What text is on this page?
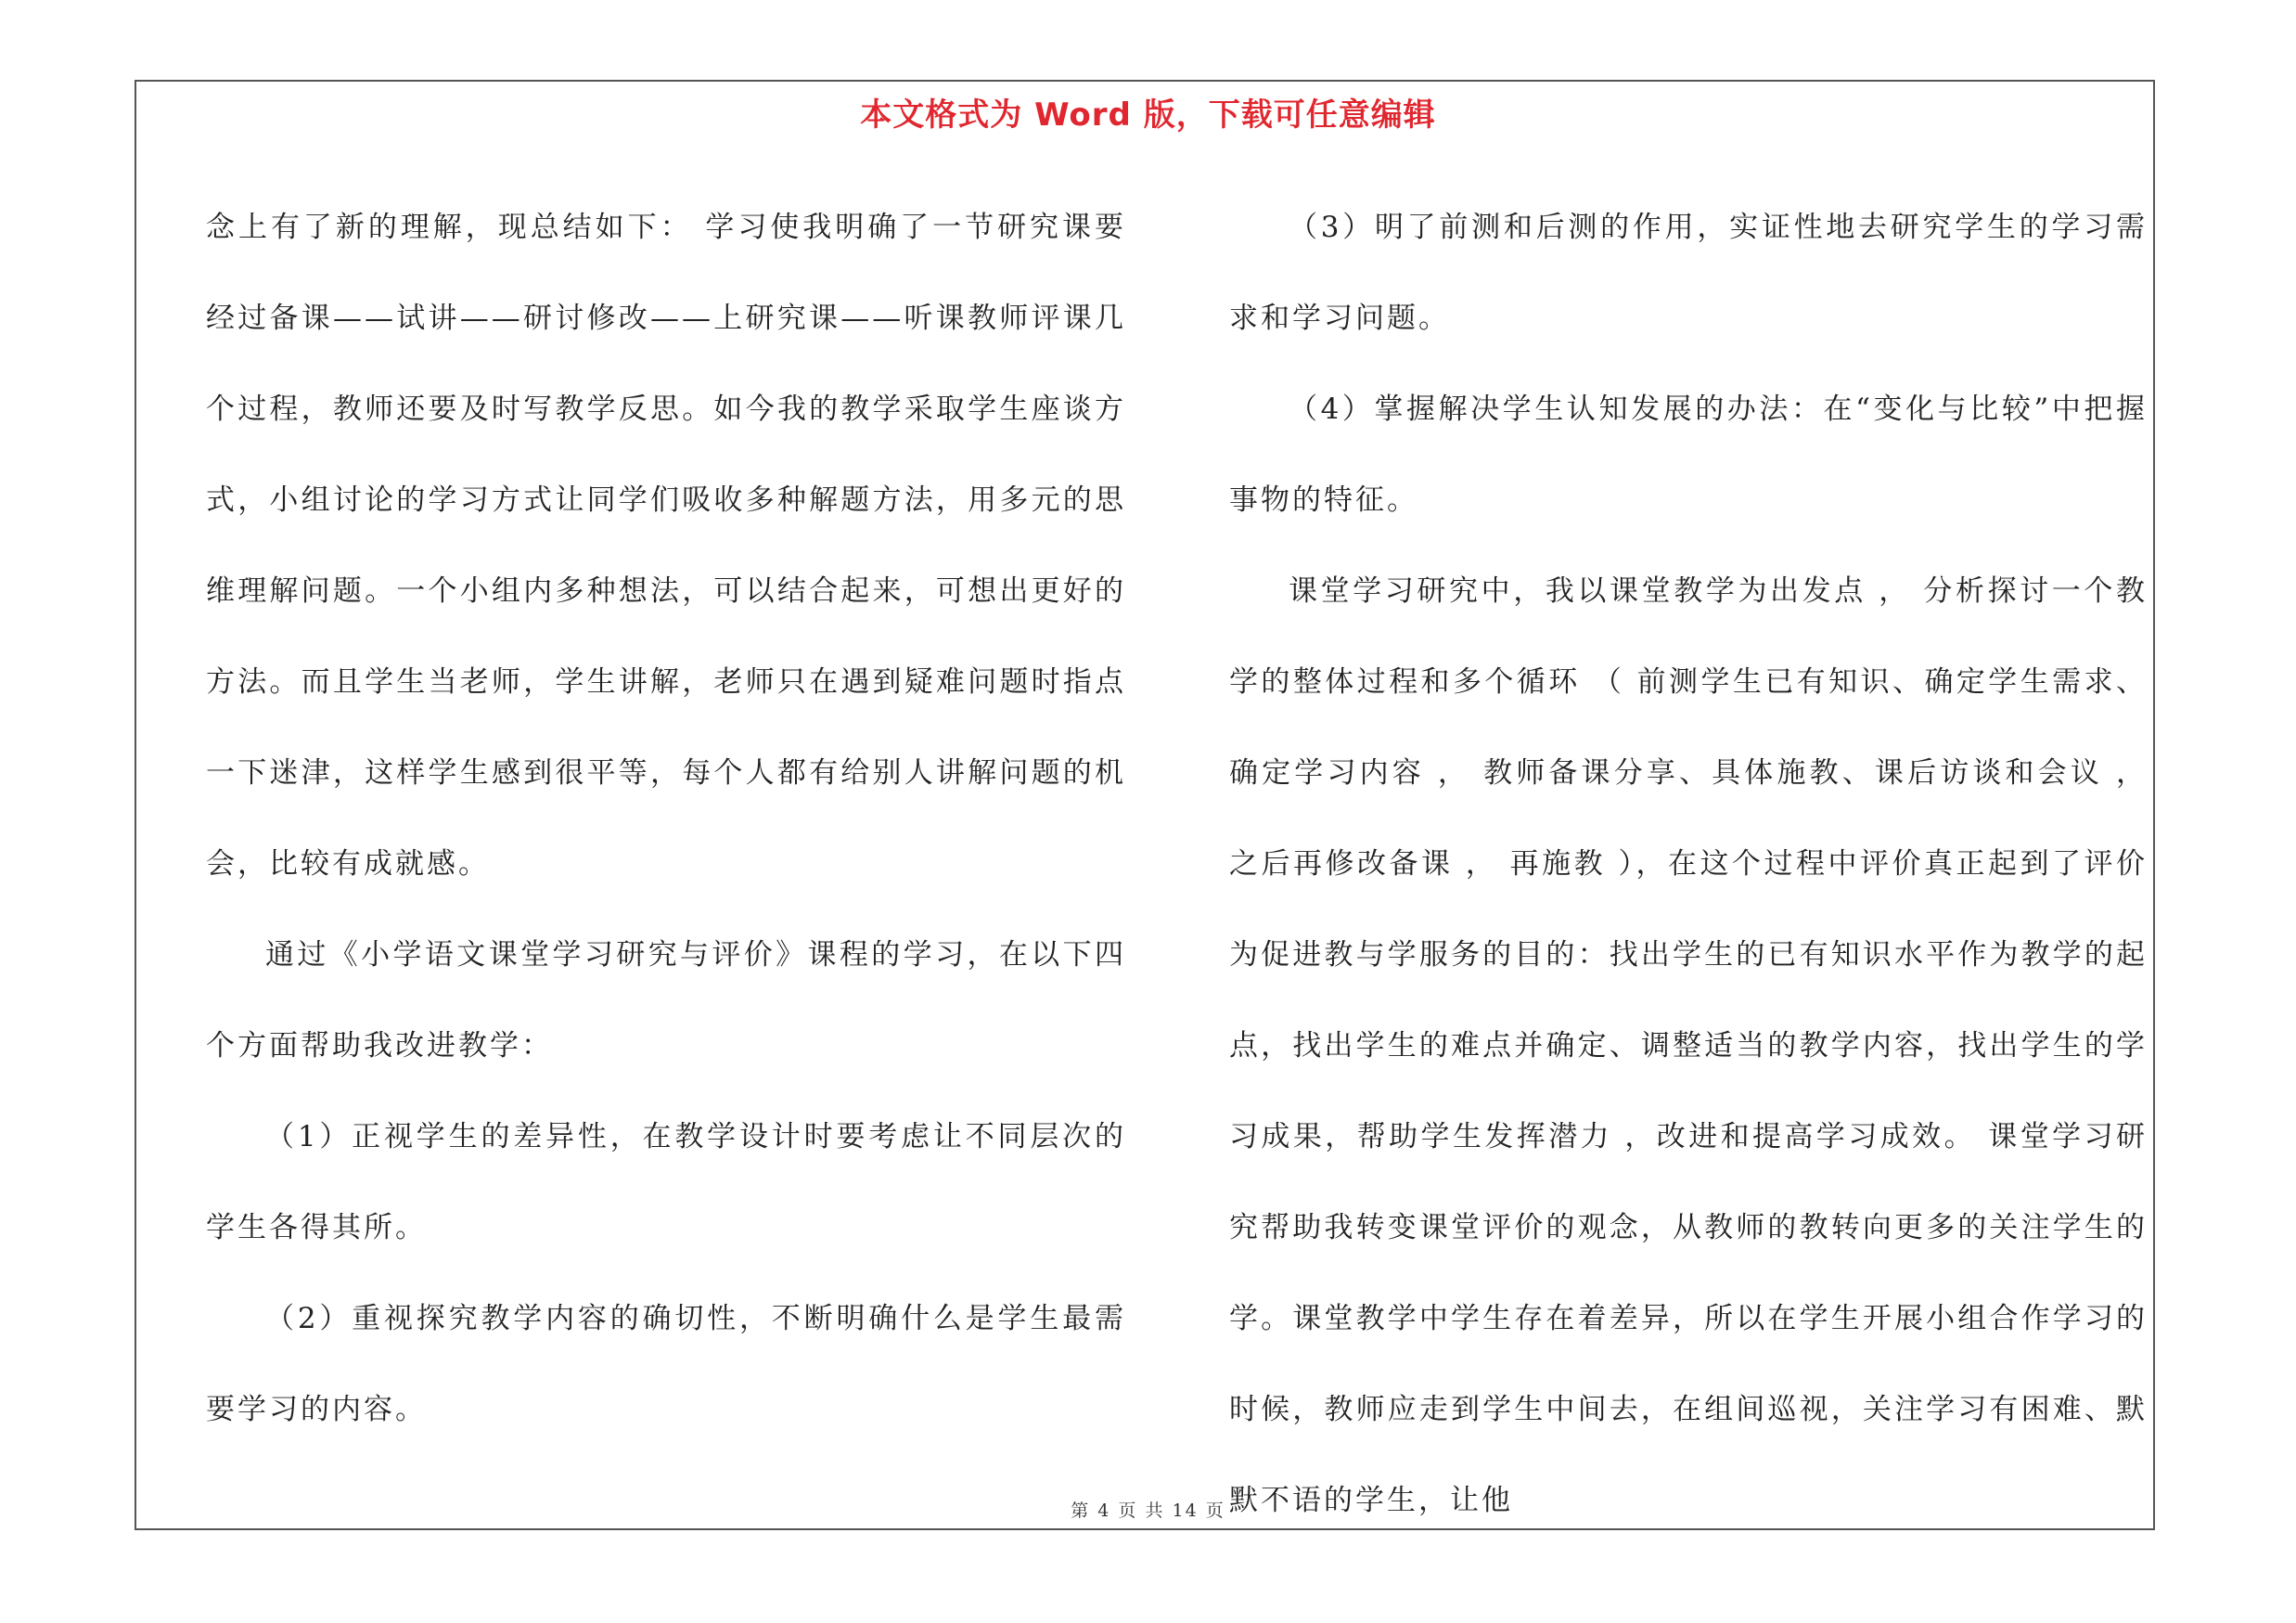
本文格式为 Word 版，下载可任意编辑

念上有了新的理解，现总结如下： 学习使我明确了一节研究课要经过备课——试讲——研讨修改——上研究课——听课教师评课几个过程，教师还要及时写教学反思。如今我的教学采取学生座谈方式，小组讨论的学习方式让同学们吸收多种解题方法，用多元的思维理解问题。一个小组内多种想法，可以结合起来，可想出更好的方法。而且学生当老师，学生讲解，老师只在遇到疑难问题时指点一下迷津，这样学生感到很平等，每个人都有给别人讲解问题的机会，比较有成就感。

通过《小学语文课堂学习研究与评价》课程的学习，在以下四个方面帮助我改进教学：

（1）正视学生的差异性，在教学设计时要考虑让不同层次的学生各得其所。

（2）重视探究教学内容的确切性，不断明确什么是学生最需要学习的内容。

（3）明了前测和后测的作用，实证性地去研究学生的学习需求和学习问题。

（4）掌握解决学生认知发展的办法：在“变化与比较”中把握事物的特征。

课堂学习研究中，我以课堂教学为出发点 ， 分析探讨一个教学的整体过程和多个循环 （ 前测学生已有知识、确定学生需求、确定学习内容 ， 教师备课分享、具体施教、课后访谈和会议 ， 之后再修改备课 ， 再施教 ），在这个过程中评价真正起到了评价为促进教与学服务的目的：找出学生的已有知识水平作为教学的起点，找出学生的难点并确定、调整适当的教学内容，找出学生的学习成果，帮助学生发挥潜力 ，改进和提高学习成效。 课堂学习研究帮助我转变课堂评价的观念，从教师的教转向更多的关注学生的学。课堂教学中学生存在着差异，所以在学生开展小组合作学习的时候，教师应走到学生中间去，在组间巡视，关注学习有困难、默默不语的学生，让他

第 4 页 共 14 页
